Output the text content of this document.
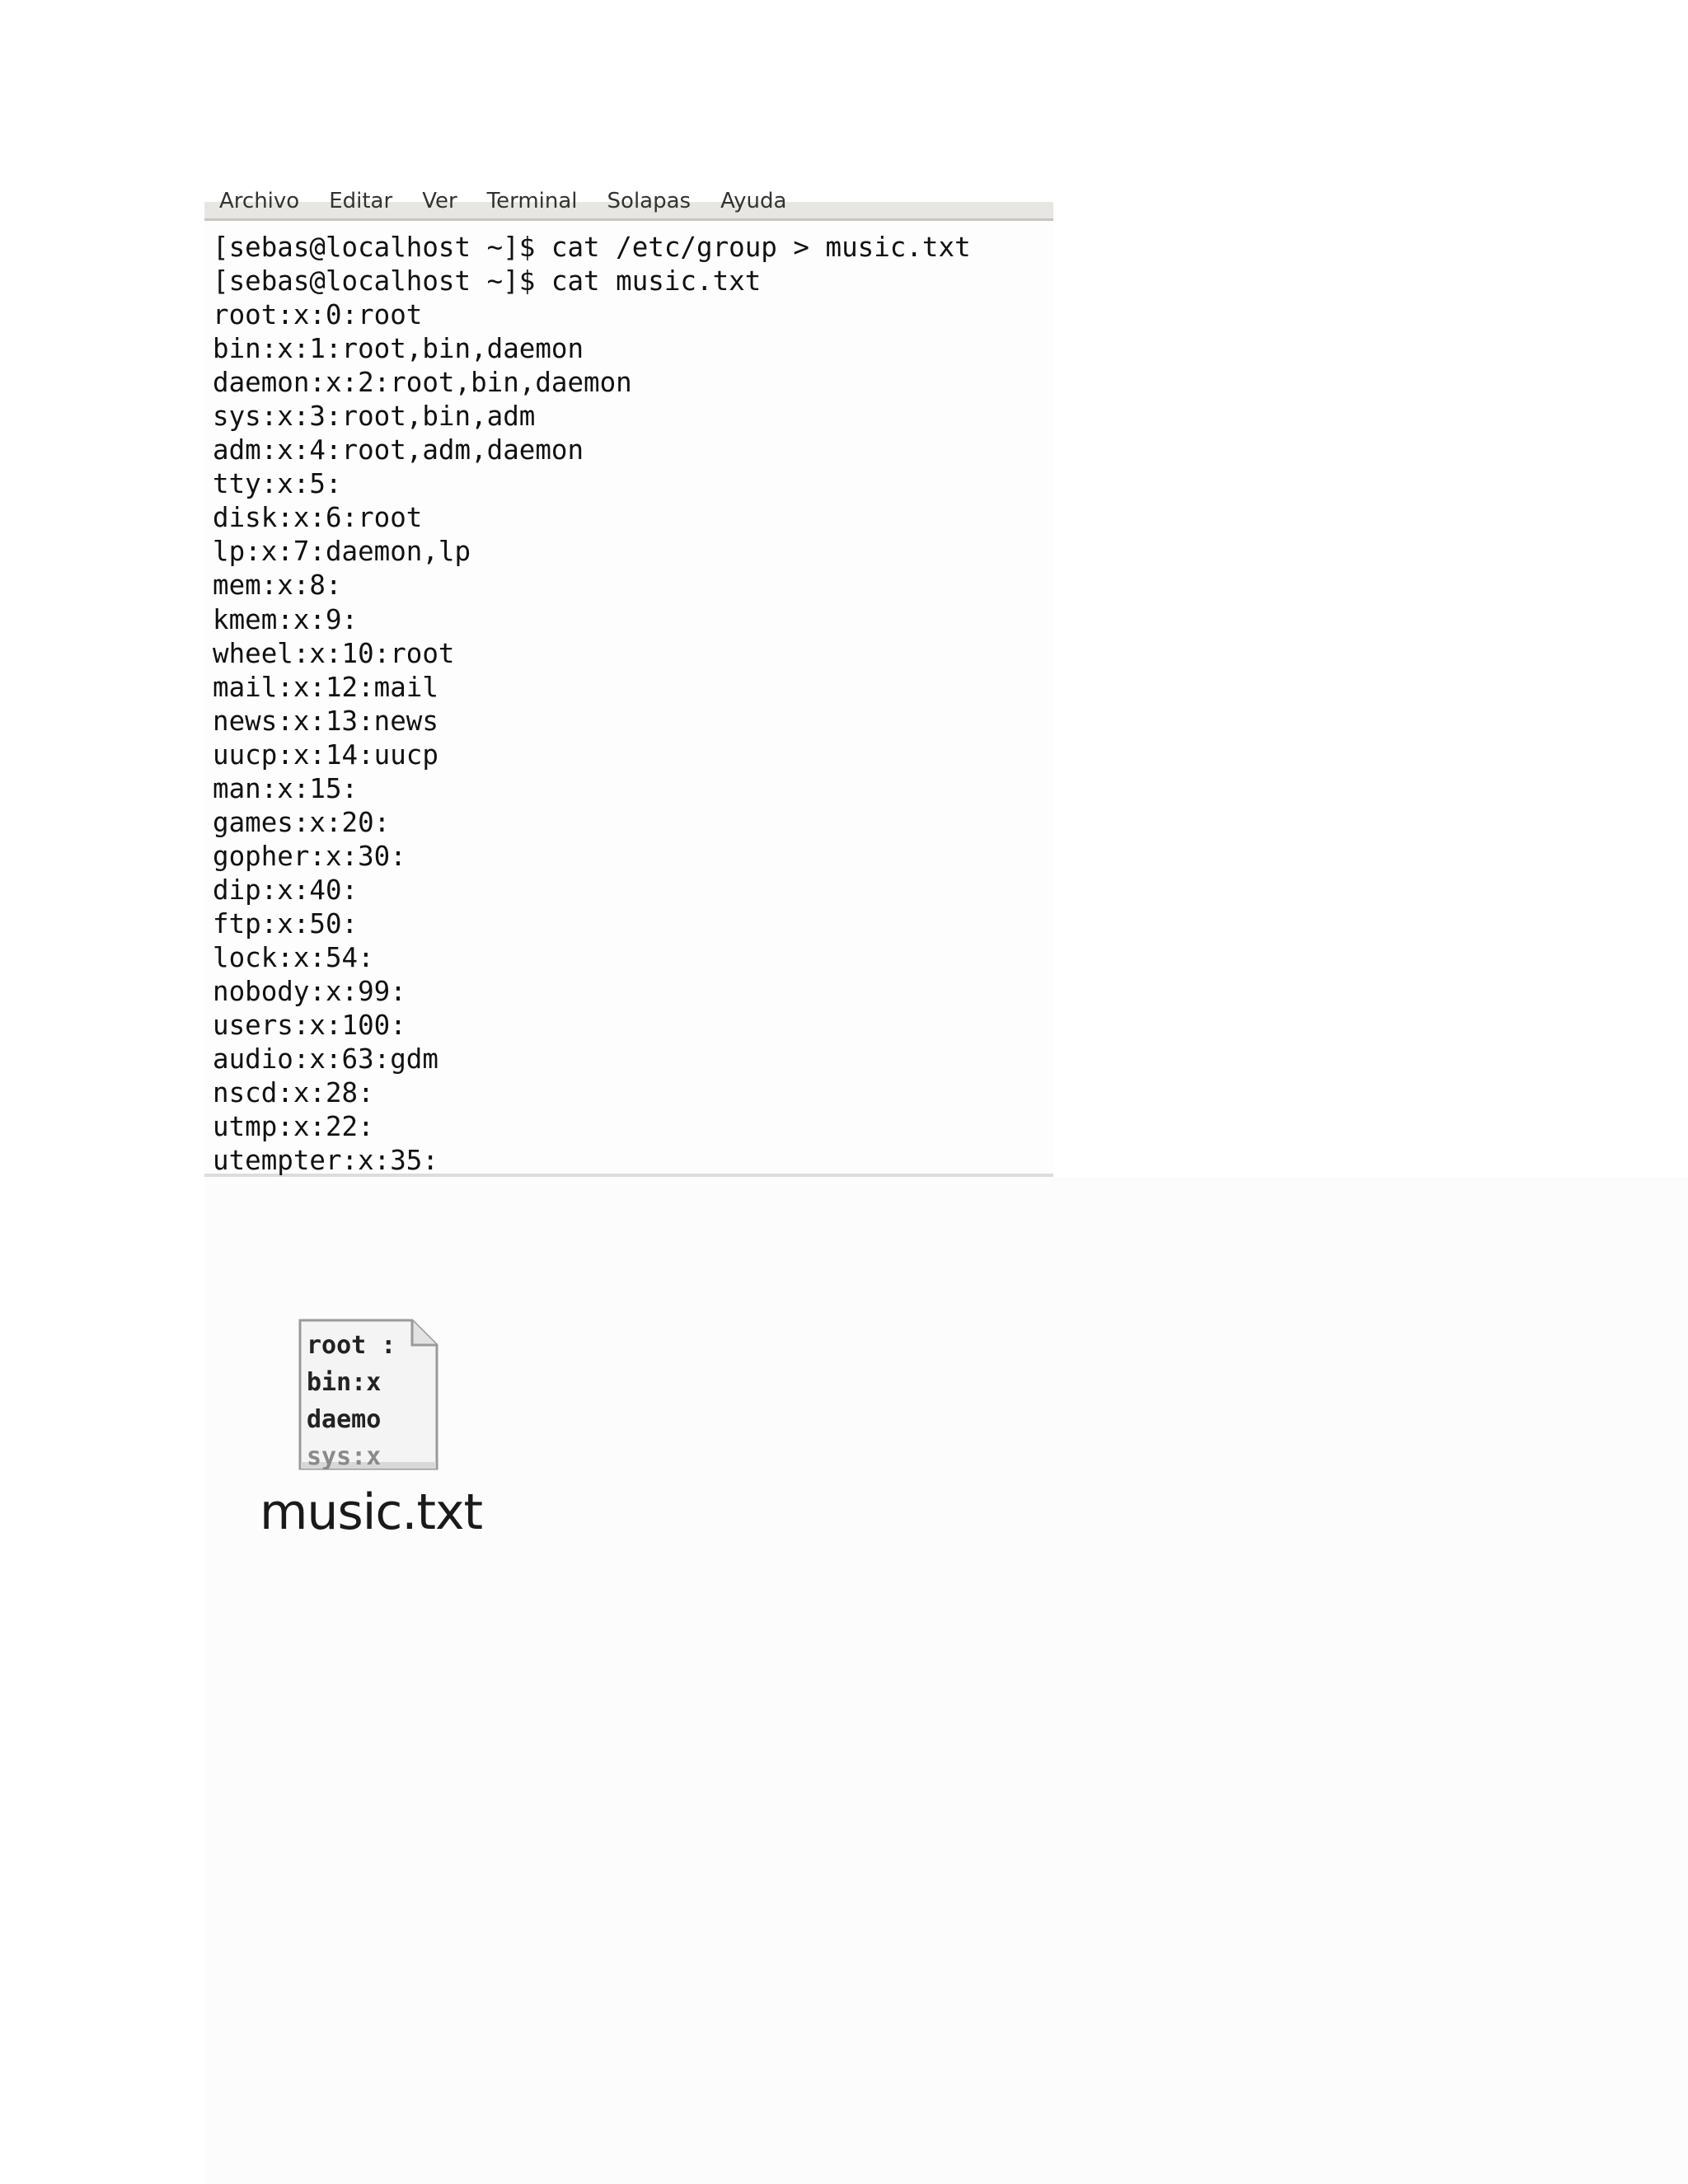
Archivo Editar Ver Terminal Solapas Ayuda
[sebas@localhost ~]$ cat /etc/group > music.txt
[sebas@localhost ~]$ cat music.txt
root:x:0:root
bin:x:1:root,bin,daemon
daemon:x:2:root,bin,daemon
sys:x:3:root,bin,adm
adm:x:4:root,adm,daemon
tty:x:5:
disk:x:6:root
lp:x:7:daemon,lp
mem:x:8:
kmem:x:9:
wheel:x:10:root
mail:x:12:mail
news:x:13:news
uucp:x:14:uucp
man:x:15:
games:x:20:
gopher:x:30:
dip:x:40:
ftp:x:50:
lock:x:54:
nobody:x:99:
users:x:100:
audio:x:63:gdm
nscd:x:28:
utmp:x:22:
utempter:x:35:
root :
bin:x
daemo
sys:x
music.txt
